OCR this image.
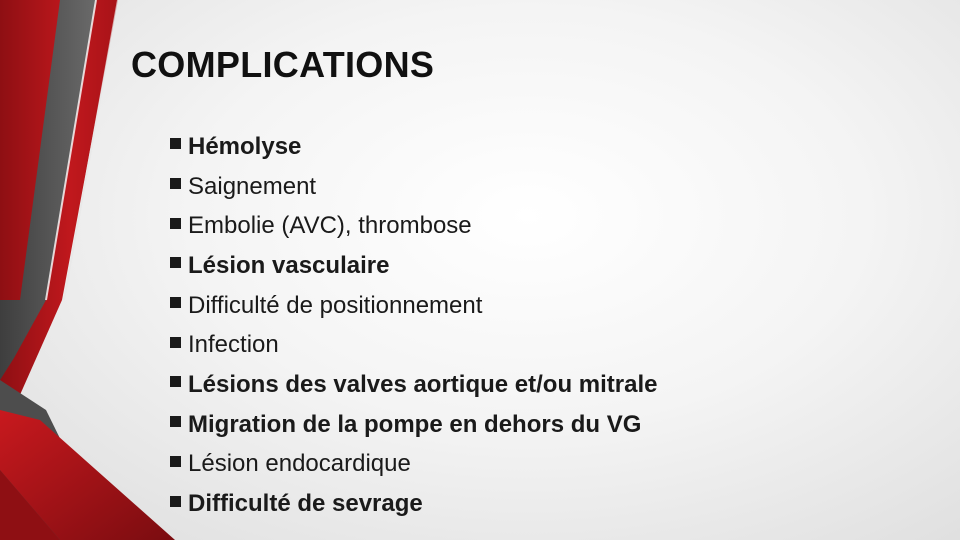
COMPLICATIONS
Hémolyse
Saignement
Embolie (AVC), thrombose
Lésion vasculaire
Difficulté de positionnement
Infection
Lésions des valves aortique et/ou mitrale
Migration de la pompe en dehors du VG
Lésion endocardique
Difficulté de sevrage
